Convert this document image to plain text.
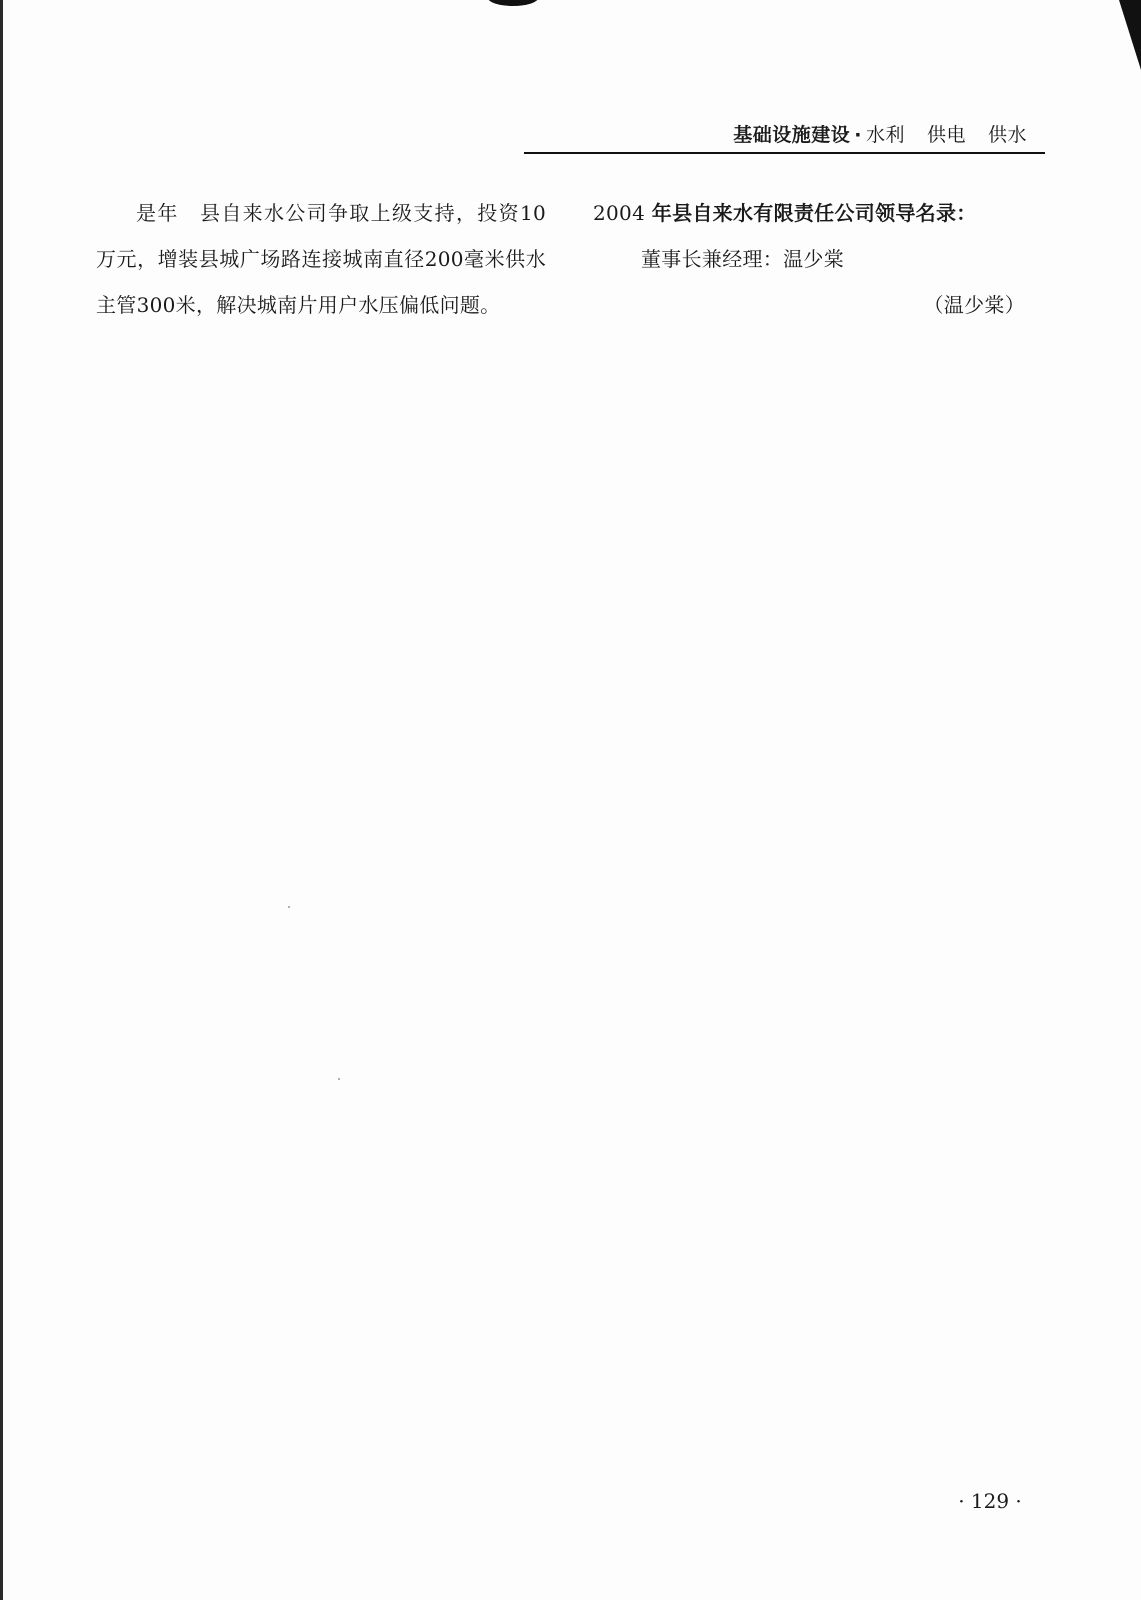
基础设施建设 · 水利 供电 供水

是年　县自来水公司争取上级支持，投资10万元，增装县城广场路连接城南直径200毫米供水主管300米，解决城南片用户水压偏低问题。

2004 年县自来水有限责任公司领导名录：

董事长兼经理：温少棠

（温少棠）

· 129 ·
